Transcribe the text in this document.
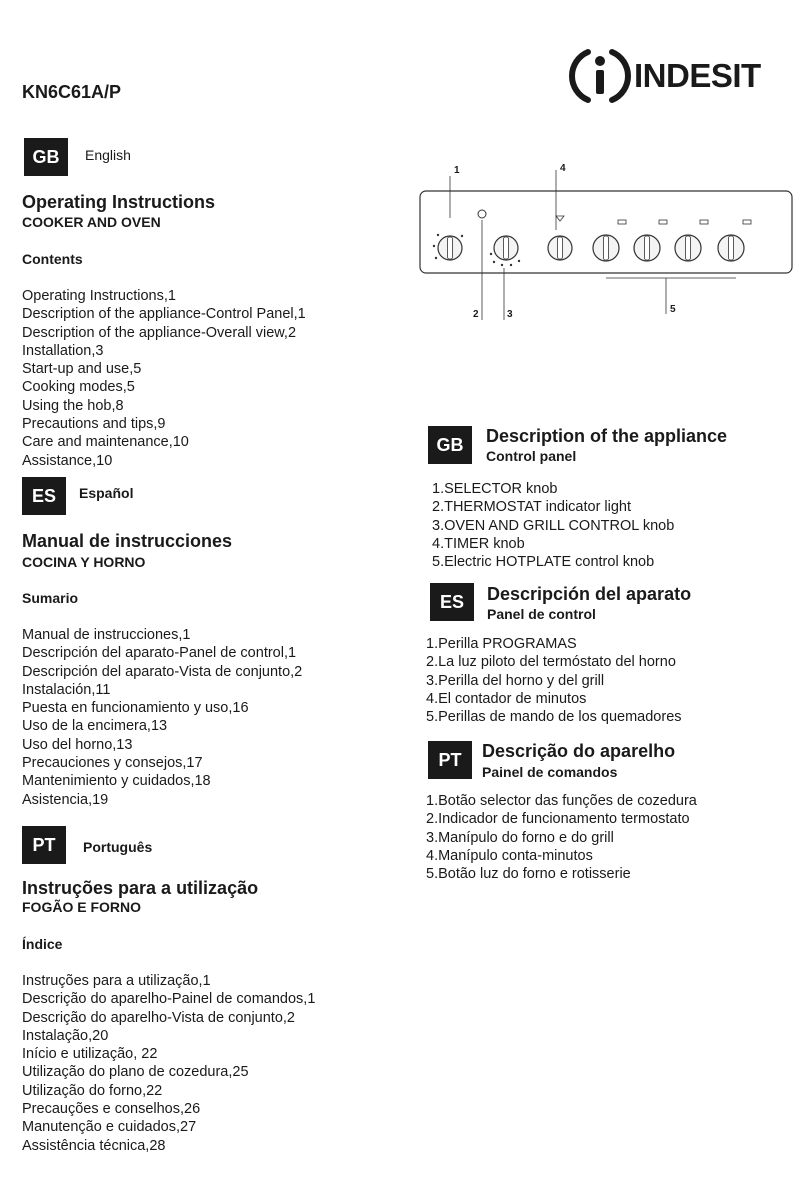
KN6C61A/P	INDESIT
GB	English
Operating Instructions
COOKER AND OVEN
Contents
Operating Instructions,1
Description of the appliance-Control Panel,1
Description of the appliance-Overall view,2
Installation,3
Start-up and use,5
Cooking modes,5
Using the hob,8
Precautions and tips,9
Care and maintenance,10
Assistance,10
ES	Español
Manual de instrucciones
COCINA Y HORNO
Sumario
Manual de instrucciones,1
Descripción del aparato-Panel de control,1
Descripción del aparato-Vista de conjunto,2
Instalación,11
Puesta en funcionamiento y uso,16
Uso de la encimera,13
Uso del horno,13
Precauciones y consejos,17
Mantenimiento y cuidados,18
Asistencia,19
PT	Português
Instruções para a utilização
FOGÃO E FORNO
Índice
Instruções para a utilização,1
Descrição do aparelho-Painel de comandos,1
Descrição do aparelho-Vista de conjunto,2
Instalação,20
Início e utilização, 22
Utilização do plano de cozedura,25
Utilização do forno,22
Precauções e conselhos,26
Manutenção e cuidados,27
Assistência técnica,28
1
2	3
4
5
GB	Description of the appliance
Control panel
1.SELECTOR knob
2.THERMOSTAT indicator light
3.OVEN AND GRILL CONTROL knob
4.TIMER knob
5.Electric HOTPLATE control knob
ES	Descripción del aparato
Panel de control
1.Perilla PROGRAMAS
2.La luz piloto del termóstato del horno
3.Perilla del horno y del grill
4.El contador de minutos
5.Perillas de mando de los quemadores
PT	Descrição do aparelho
Painel de comandos
1.Botão selector das funções de cozedura
2.Indicador de funcionamento termostato
3.Manípulo do forno e do grill
4.Manípulo conta-minutos
5.Botão luz do forno e rotisserie
